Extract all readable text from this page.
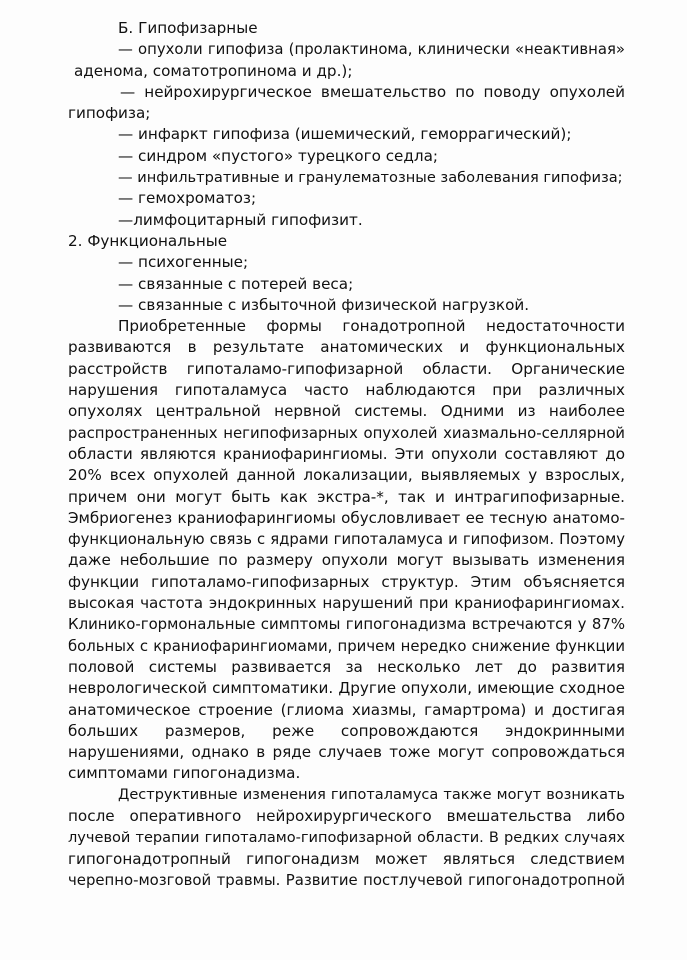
Б. Гипофизарные
— опухоли гипофиза (пролактинома, клинически «неактивная»
аденома, соматотропинома и др.);
— нейрохирургическое вмешательство по поводу опухолей
гипофиза;
— инфаркт гипофиза (ишемический, геморрагический);
— синдром «пустого» турецкого седла;
— инфильтративные и гранулематозные заболевания гипофиза;
— гемохроматоз;
—лимфоцитарный гипофизит.
2. Функциональные
— психогенные;
— связанные с потерей веса;
— связанные с избыточной физической нагрузкой.
Приобретенные формы гонадотропной недостаточности
развиваются в результате анатомических и функциональных
расстройств гипоталамо-гипофизарной области. Органические
нарушения гипоталамуса часто наблюдаются при различных
опухолях центральной нервной системы. Одними из наиболее
распространенных негипофизарных опухолей хиазмально-селлярной
области являются краниофарингиомы. Эти опухоли составляют до
20% всех опухолей данной локализации, выявляемых у взрослых,
причем они могут быть как экстра-*, так и интрагипофизарные.
Эмбриогенез краниофарингиомы обусловливает ее тесную анатомо-
функциональную связь с ядрами гипоталамуса и гипофизом. Поэтому
даже небольшие по размеру опухоли могут вызывать изменения
функции гипоталамо-гипофизарных структур. Этим объясняется
высокая частота эндокринных нарушений при краниофарингиомах.
Клинико-гормональные симптомы гипогонадизма встречаются у 87%
больных с краниофарингиомами, причем нередко снижение функции
половой системы развивается за несколько лет до развития
неврологической симптоматики. Другие опухоли, имеющие сходное
анатомическое строение (глиома хиазмы, гамартрома) и достигая
больших размеров, реже сопровождаются эндокринными
нарушениями, однако в ряде случаев тоже могут сопровождаться
симптомами гипогонадизма.
Деструктивные изменения гипоталамуса также могут возникать
после оперативного нейрохирургического вмешательства либо
лучевой терапии гипоталамо-гипофизарной области. В редких случаях
гипогонадотропный гипогонадизм может являться следствием
черепно-мозговой травмы. Развитие постлучевой гипогонадотропной
